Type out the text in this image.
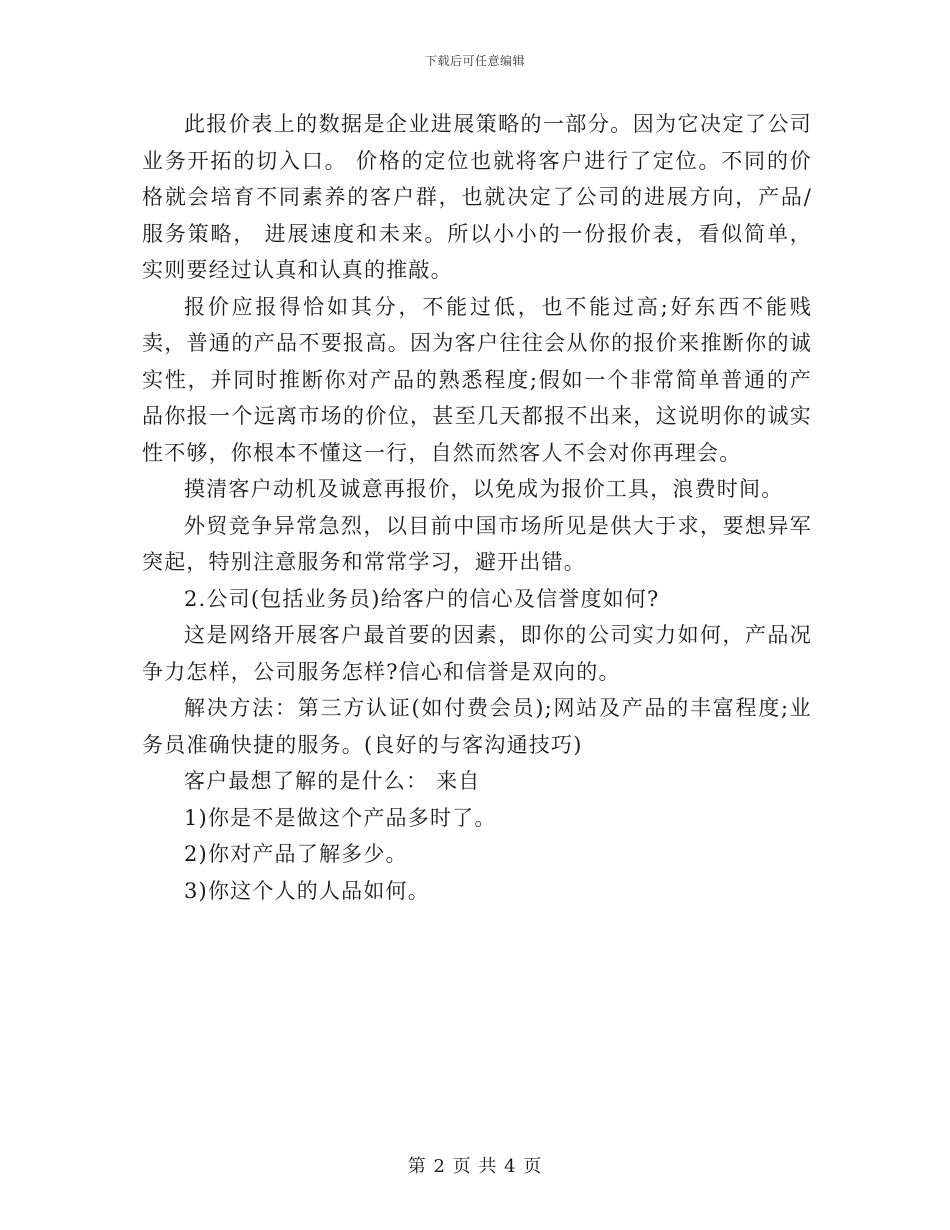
下载后可任意编辑

此报价表上的数据是企业进展策略的一部分。因为它决定了公司业务开拓的切入口。 价格的定位也就将客户进行了定位。不同的价格就会培育不同素养的客户群，也就决定了公司的进展方向，产品/服务策略， 进展速度和未来。所以小小的一份报价表，看似简单，实则要经过认真和认真的推敲。

报价应报得恰如其分，不能过低，也不能过高;好东西不能贱卖，普通的产品不要报高。因为客户往往会从你的报价来推断你的诚实性，并同时推断你对产品的熟悉程度;假如一个非常简单普通的产品你报一个远离市场的价位，甚至几天都报不出来，这说明你的诚实性不够，你根本不懂这一行，自然而然客人不会对你再理会。

摸清客户动机及诚意再报价，以免成为报价工具，浪费时间。

外贸竞争异常急烈，以目前中国市场所见是供大于求，要想异军突起，特别注意服务和常常学习，避开出错。

2.公司(包括业务员)给客户的信心及信誉度如何?

这是网络开展客户最首要的因素，即你的公司实力如何，产品况争力怎样，公司服务怎样?信心和信誉是双向的。

解决方法：第三方认证(如付费会员);网站及产品的丰富程度;业务员准确快捷的服务。(良好的与客沟通技巧)

客户最想了解的是什么： 来自

1)你是不是做这个产品多时了。

2)你对产品了解多少。

3)你这个人的人品如何。

第 2 页 共 4 页
